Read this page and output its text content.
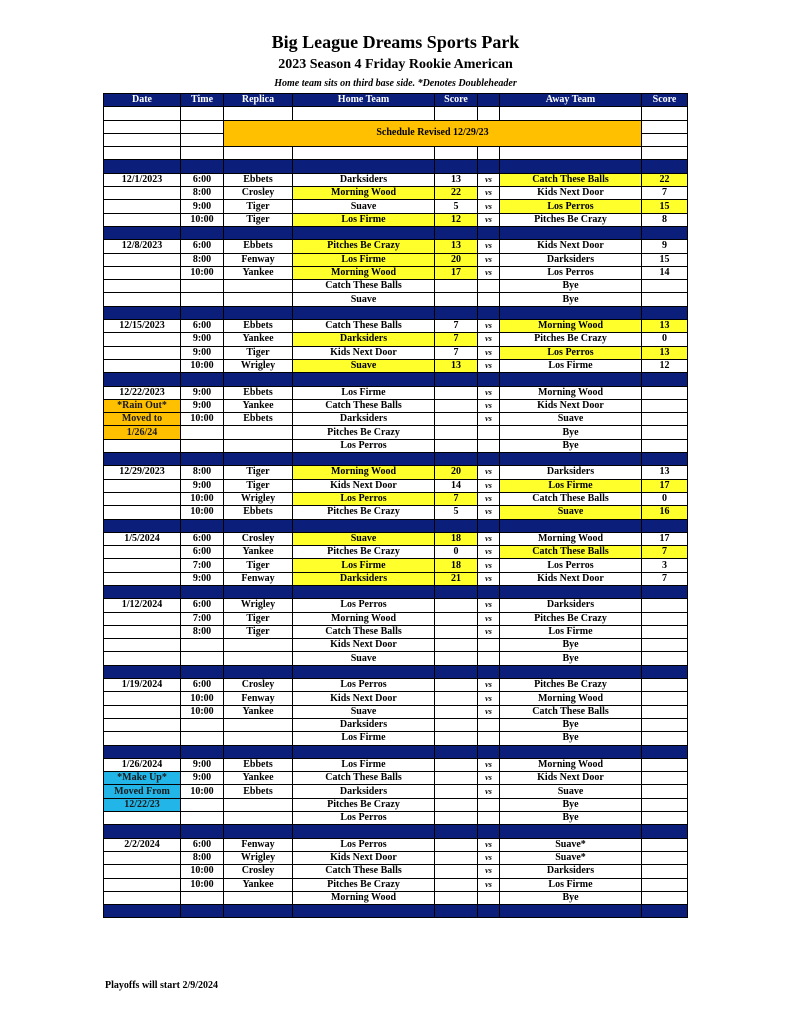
Big League Dreams Sports Park
2023 Season 4 Friday Rookie American
Home team sits on third base side. *Denotes Doubleheader
Date	Time	Replica	Home Team	Score		Away Team	Score

		Schedule Revised 12/29/23					

12/1/2023	6:00	Ebbets	Darksiders	13	vs	Catch These Balls	22
	8:00	Crosley	Morning Wood	22	vs	Kids Next Door	7
	9:00	Tiger	Suave	5	vs	Los Perros	15
	10:00	Tiger	Los Firme	12	vs	Pitches Be Crazy	8

12/8/2023	6:00	Ebbets	Pitches Be Crazy	13	vs	Kids Next Door	9
	8:00	Fenway	Los Firme	20	vs	Darksiders	15
	10:00	Yankee	Morning Wood	17	vs	Los Perros	14
			Catch These Balls			Bye	
			Suave			Bye	

12/15/2023	6:00	Ebbets	Catch These Balls	7	vs	Morning Wood	13
	9:00	Yankee	Darksiders	7	vs	Pitches Be Crazy	0
	9:00	Tiger	Kids Next Door	7	vs	Los Perros	13
	10:00	Wrigley	Suave	13	vs	Los Firme	12

12/22/2023	9:00	Ebbets	Los Firme		vs	Morning Wood	
*Rain Out*	9:00	Yankee	Catch These Balls		vs	Kids Next Door	
Moved to	10:00	Ebbets	Darksiders		vs	Suave	
1/26/24			Pitches Be Crazy			Bye	
			Los Perros			Bye	

12/29/2023	8:00	Tiger	Morning Wood	20	vs	Darksiders	13
	9:00	Tiger	Kids Next Door	14	vs	Los Firme	17
	10:00	Wrigley	Los Perros	7	vs	Catch These Balls	0
	10:00	Ebbets	Pitches Be Crazy	5	vs	Suave	16

1/5/2024	6:00	Crosley	Suave	18	vs	Morning Wood	17
	6:00	Yankee	Pitches Be Crazy	0	vs	Catch These Balls	7
	7:00	Tiger	Los Firme	18	vs	Los Perros	3
	9:00	Fenway	Darksiders	21	vs	Kids Next Door	7

1/12/2024	6:00	Wrigley	Los Perros		vs	Darksiders	
	7:00	Tiger	Morning Wood		vs	Pitches Be Crazy	
	8:00	Tiger	Catch These Balls		vs	Los Firme	
			Kids Next Door			Bye	
			Suave			Bye	

1/19/2024	6:00	Crosley	Los Perros		vs	Pitches Be Crazy	
	10:00	Fenway	Kids Next Door		vs	Morning Wood	
	10:00	Yankee	Suave		vs	Catch These Balls	
			Darksiders			Bye	
			Los Firme			Bye	

1/26/2024	9:00	Ebbets	Los Firme		vs	Morning Wood	
*Make Up*	9:00	Yankee	Catch These Balls		vs	Kids Next Door	
Moved From	10:00	Ebbets	Darksiders		vs	Suave	
12/22/23			Pitches Be Crazy			Bye	
			Los Perros			Bye	

2/2/2024	6:00	Fenway	Los Perros		vs	Suave*	
	8:00	Wrigley	Kids Next Door		vs	Suave*	
	10:00	Crosley	Catch These Balls		vs	Darksiders	
	10:00	Yankee	Pitches Be Crazy		vs	Los Firme	
			Morning Wood			Bye	

Playoffs will start 2/9/2024
